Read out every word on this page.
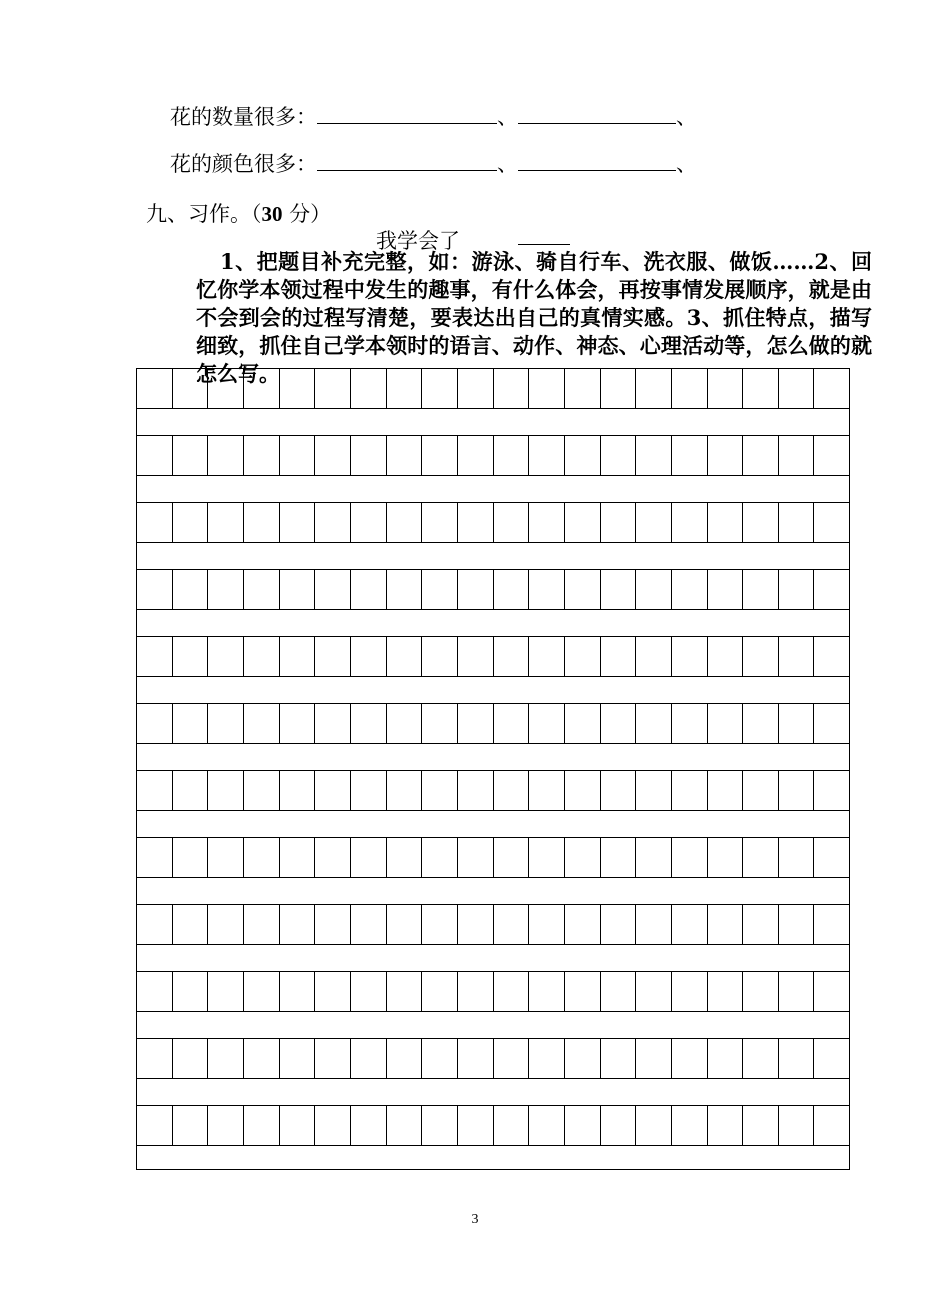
花的数量很多：	、	、
花的颜色很多：	、	、
九、习作。（30 分）
我学会了

1、把题目补充完整，如：游泳、骑自行车、洗衣服、做饭……2、回忆你学本领过程中发生的趣事，有什么体会，再按事情发展顺序，就是由不会到会的过程写清楚，要表达出自己的真情实感。3、抓住特点，描写细致，抓住自己学本领时的语言、动作、神态、心理活动等，怎么做的就怎么写。

3
